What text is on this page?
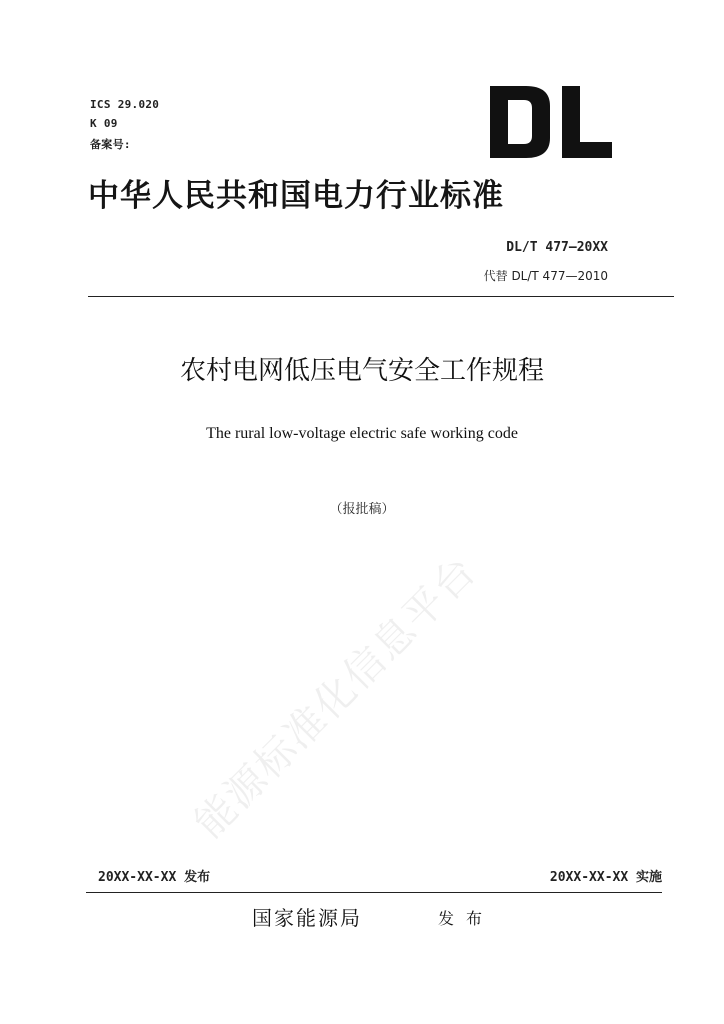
ICS 29.020
K 09
备案号:
中华人民共和国电力行业标准
DL/T 477—20XX
代替 DL/T 477—2010
农村电网低压电气安全工作规程
The rural low-voltage electric safe working code
（报批稿）
能源标准化信息平台
20XX-XX-XX 发布	20XX-XX-XX 实施
国家能源局	发布
